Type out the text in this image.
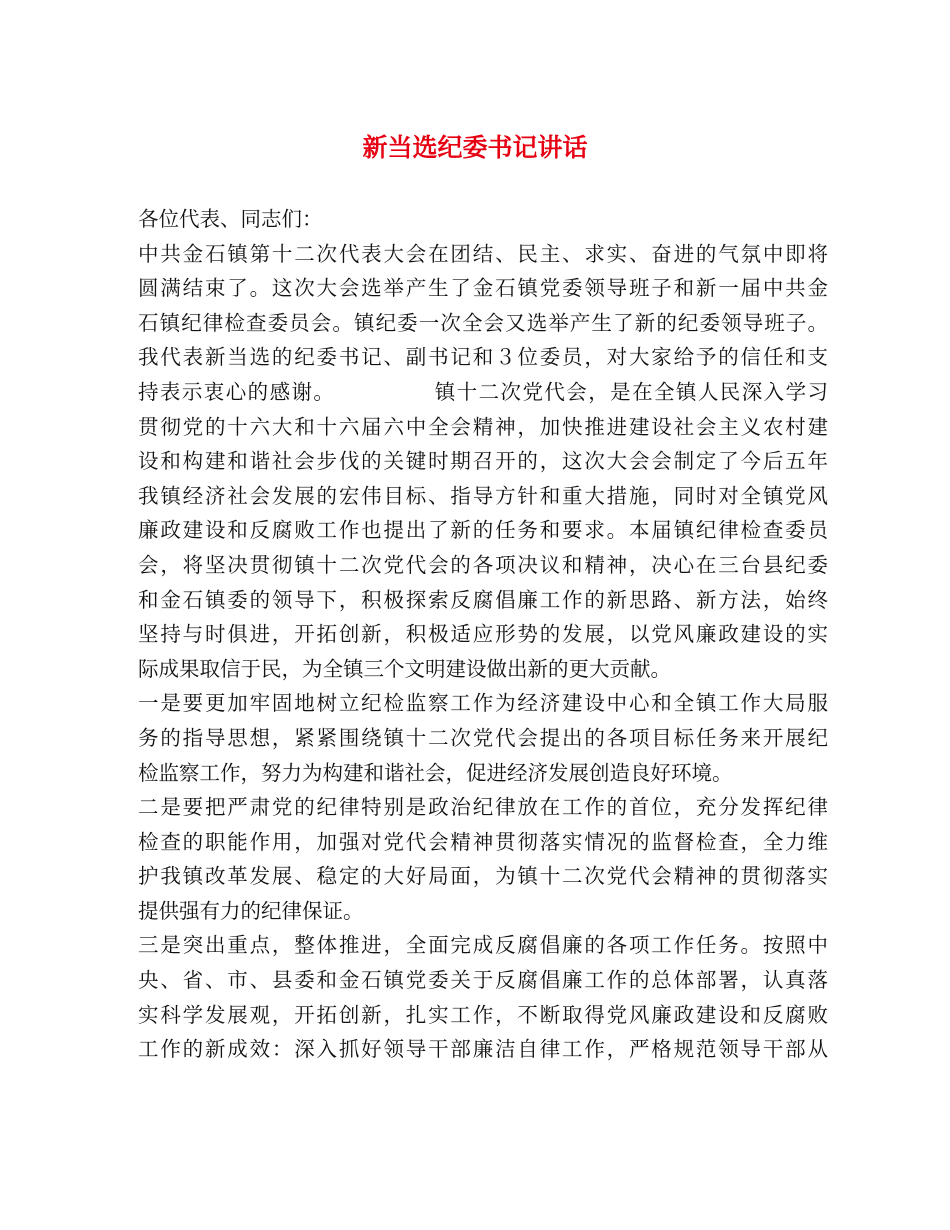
新当选纪委书记讲话
各位代表、同志们：
中共金石镇第十二次代表大会在团结、民主、求实、奋进的气氛中即将
圆满结束了。这次大会选举产生了金石镇党委领导班子和新一届中共金
石镇纪律检查委员会。镇纪委一次全会又选举产生了新的纪委领导班子。
我代表新当选的纪委书记、副书记和３位委员，对大家给予的信任和支
持表示衷心的感谢。　　　　　镇十二次党代会，是在全镇人民深入学习
贯彻党的十六大和十六届六中全会精神，加快推进建设社会主义农村建
设和构建和谐社会步伐的关键时期召开的，这次大会会制定了今后五年
我镇经济社会发展的宏伟目标、指导方针和重大措施，同时对全镇党风
廉政建设和反腐败工作也提出了新的任务和要求。本届镇纪律检查委员
会，将坚决贯彻镇十二次党代会的各项决议和精神，决心在三台县纪委
和金石镇委的领导下，积极探索反腐倡廉工作的新思路、新方法，始终
坚持与时俱进，开拓创新，积极适应形势的发展，以党风廉政建设的实
际成果取信于民，为全镇三个文明建设做出新的更大贡献。
一是要更加牢固地树立纪检监察工作为经济建设中心和全镇工作大局服
务的指导思想，紧紧围绕镇十二次党代会提出的各项目标任务来开展纪
检监察工作，努力为构建和谐社会，促进经济发展创造良好环境。
二是要把严肃党的纪律特别是政治纪律放在工作的首位，充分发挥纪律
检查的职能作用，加强对党代会精神贯彻落实情况的监督检查，全力维
护我镇改革发展、稳定的大好局面，为镇十二次党代会精神的贯彻落实
提供强有力的纪律保证。
三是突出重点，整体推进，全面完成反腐倡廉的各项工作任务。按照中
央、省、市、县委和金石镇党委关于反腐倡廉工作的总体部署，认真落
实科学发展观，开拓创新，扎实工作，不断取得党风廉政建设和反腐败
工作的新成效：深入抓好领导干部廉洁自律工作，严格规范领导干部从
